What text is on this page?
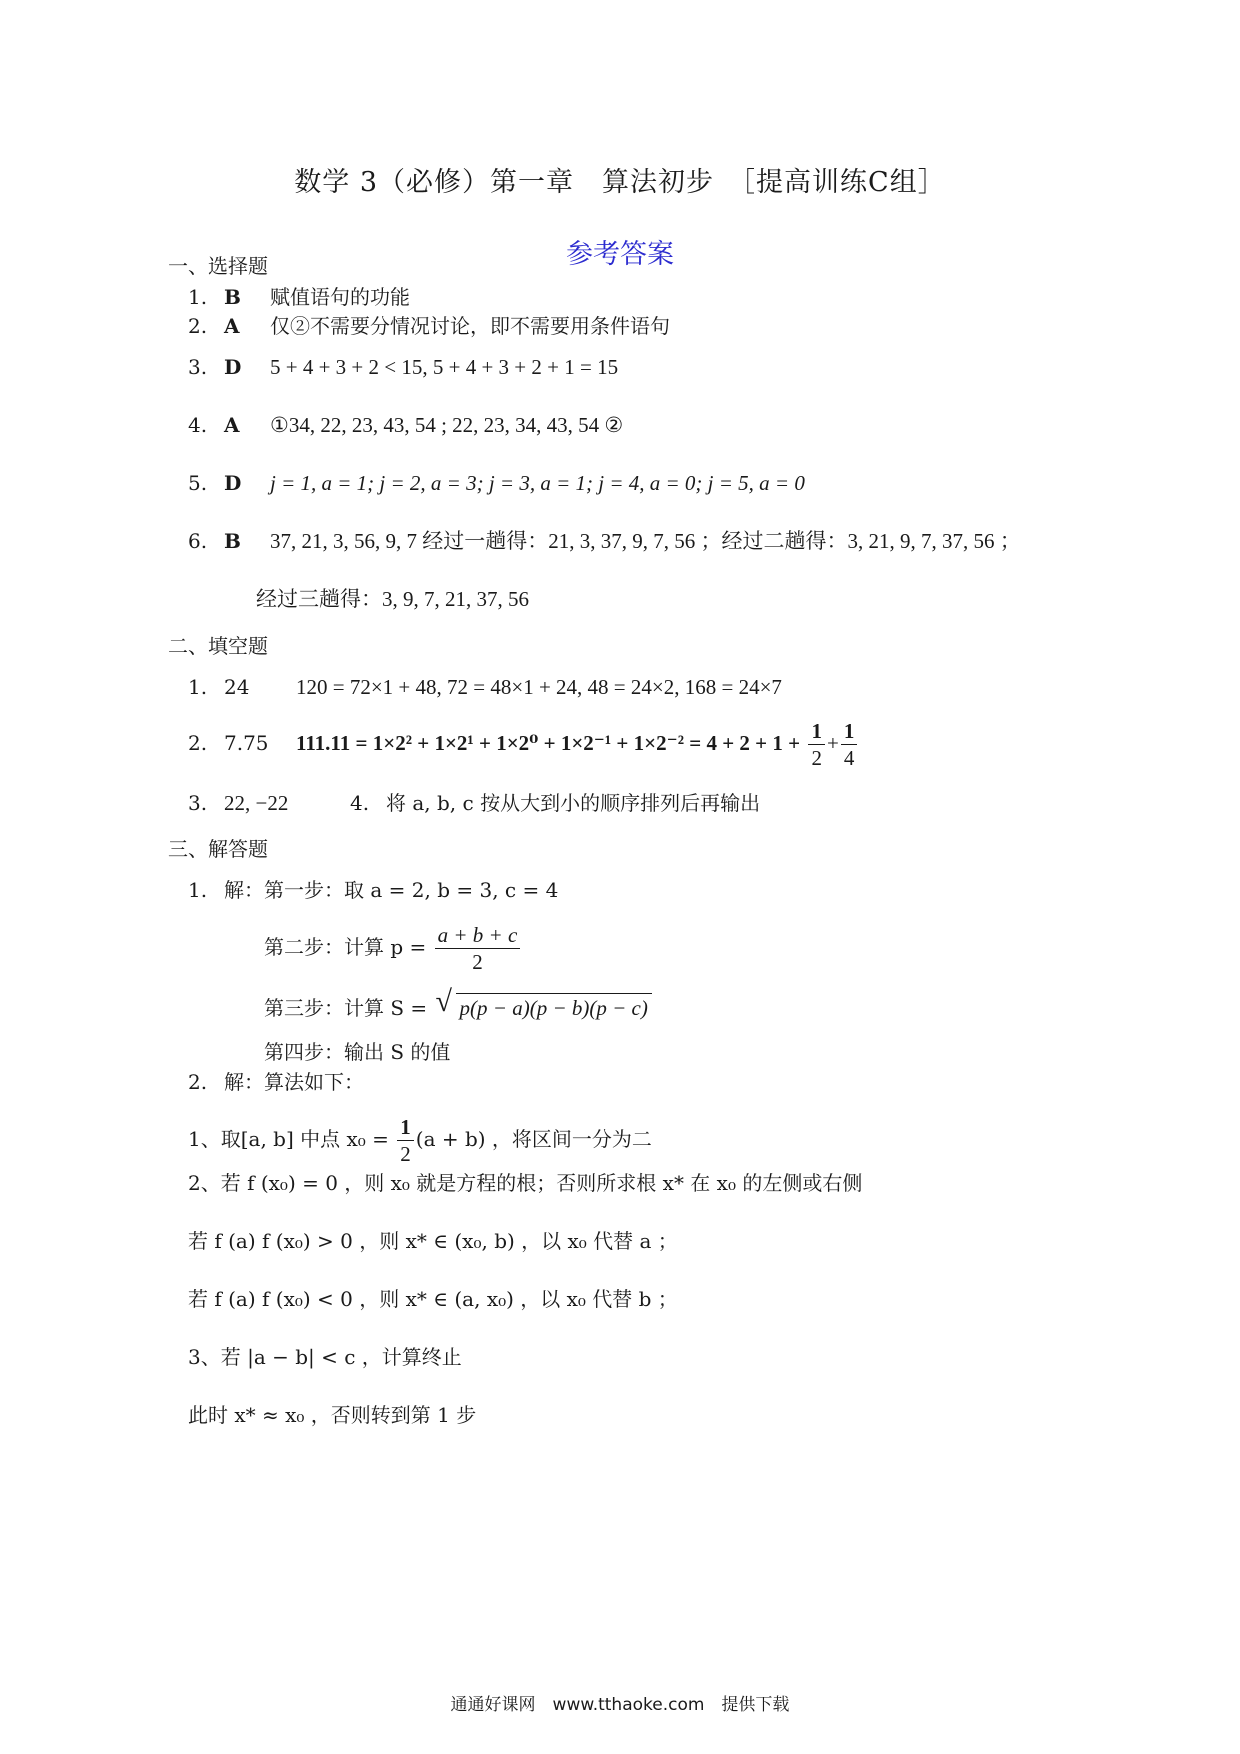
数学 3（必修）第一章　算法初步 ［提高训练C组］
参考答案
一、选择题
1. B 赋值语句的功能
2. A 仅②不需要分情况讨论，即不需要用条件语句
3. D 5 + 4 + 3 + 2 < 15, 5 + 4 + 3 + 2 + 1 = 15
4. A ①34, 22, 23, 43, 54 ; 22, 23, 34, 43, 54 ②
5. D j = 1, a = 1; j = 2, a = 3; j = 3, a = 1; j = 4, a = 0; j = 5, a = 0
6. B 37, 21, 3, 56, 9, 7 经过一趟得：21, 3, 37, 9, 7, 56 ；经过二趟得：3, 21, 9, 7, 37, 56 ；
经过三趟得：3, 9, 7, 21, 37, 56
二、填空题
1. 24 120 = 72×1 + 48, 72 = 48×1 + 24, 48 = 24×2, 168 = 24×7
2. 7.75 $111.11 = 1\times 2^2 + 1\times 2^1 + 1\times 2^0 + 1\times 2^{-1} + 1\times 2^{-2} = 4 + 2 + 1 + \frac{1}{2} + \frac{1}{4}$
3. 22, −22	4. 将 a, b, c 按从大到小的顺序排列后再输出
三、解答题
1. 解：第一步：取 a = 2, b = 3, c = 4
第二步：计算 $p = \frac{a + b + c}{2}$
第三步：计算 S = √ p(p − a)(p − b)(p − c)
第四步：输出 S 的值
2. 解：算法如下：
1、取[a, b] 中点 $x_0 = \frac{1}{2} (a + b)$ ，将区间一分为二
2、若 f (x₀) = 0 ，则 x₀ 就是方程的根；否则所求根 x* 在 x₀ 的左侧或右侧
若 f (a) f (x₀) > 0 ，则 x* ∈ (x₀, b) ，以 x₀ 代替 a ；
若 f (a) f (x₀) < 0 ，则 x* ∈ (a, x₀) ，以 x₀ 代替 b ；
3、若 |a − b| < c ，计算终止
此时 x* ≈ x₀ ，否则转到第 1 步
通通好课网　www.tthaoke.com　提供下载
